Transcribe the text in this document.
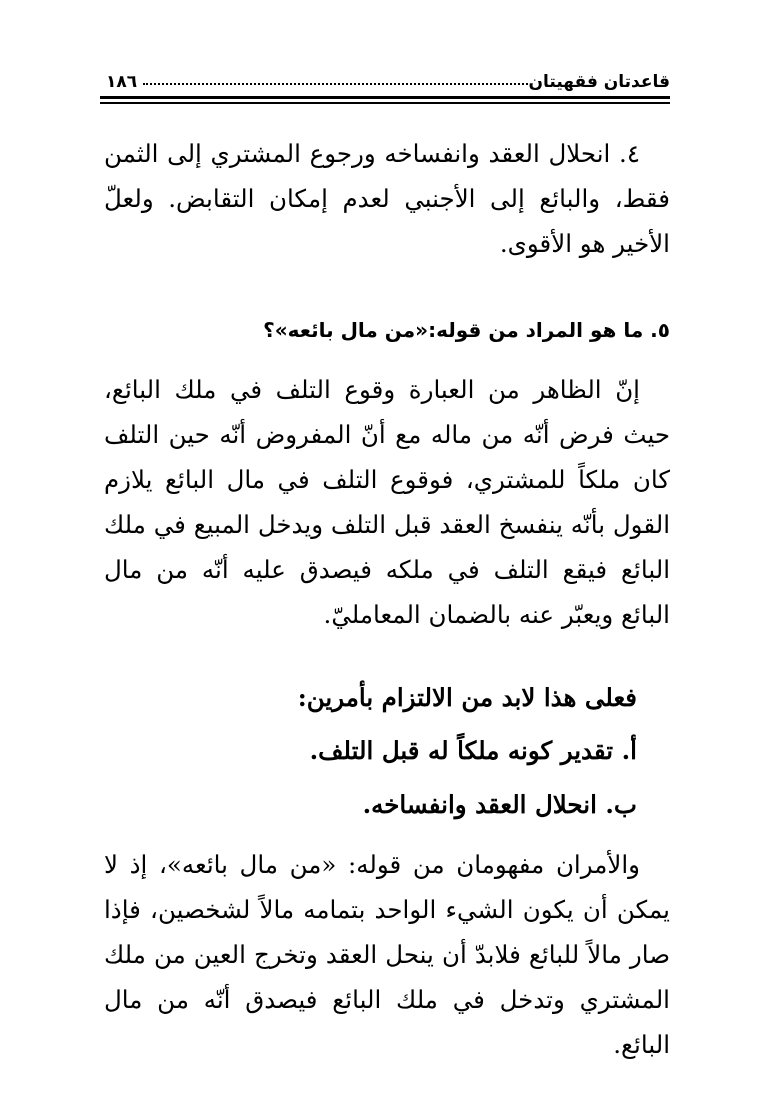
قاعدتان فقهيتان
١٨٦

٤. انحلال العقد وانفساخه ورجوع المشتري إلى الثمن فقط، والبائع إلى الأجنبي لعدم إمكان التقابض. ولعلّ الأخير هو الأقوى.

٥. ما هو المراد من قوله:«من مال بائعه»؟

إنّ الظاهر من العبارة وقوع التلف في ملك البائع، حيث فرض أنّه من ماله مع أنّ المفروض أنّه حين التلف كان ملكاً للمشتري، فوقوع التلف في مال البائع يلازم القول بأنّه ينفسخ العقد قبل التلف ويدخل المبيع في ملك البائع فيقع التلف في ملكه فيصدق عليه أنّه من مال البائع ويعبّر عنه بالضمان المعامليّ.

فعلى هذا لابد من الالتزام بأمرين:

أ. تقدير كونه ملكاً له قبل التلف.

ب. انحلال العقد وانفساخه.

والأمران مفهومان من قوله: «من مال بائعه»، إذ لا يمكن أن يكون الشيء الواحد بتمامه مالاً لشخصين، فإذا صار مالاً للبائع فلابدّ أن ينحل العقد وتخرج العين من ملك المشتري وتدخل في ملك البائع فيصدق أنّه من مال البائع.
